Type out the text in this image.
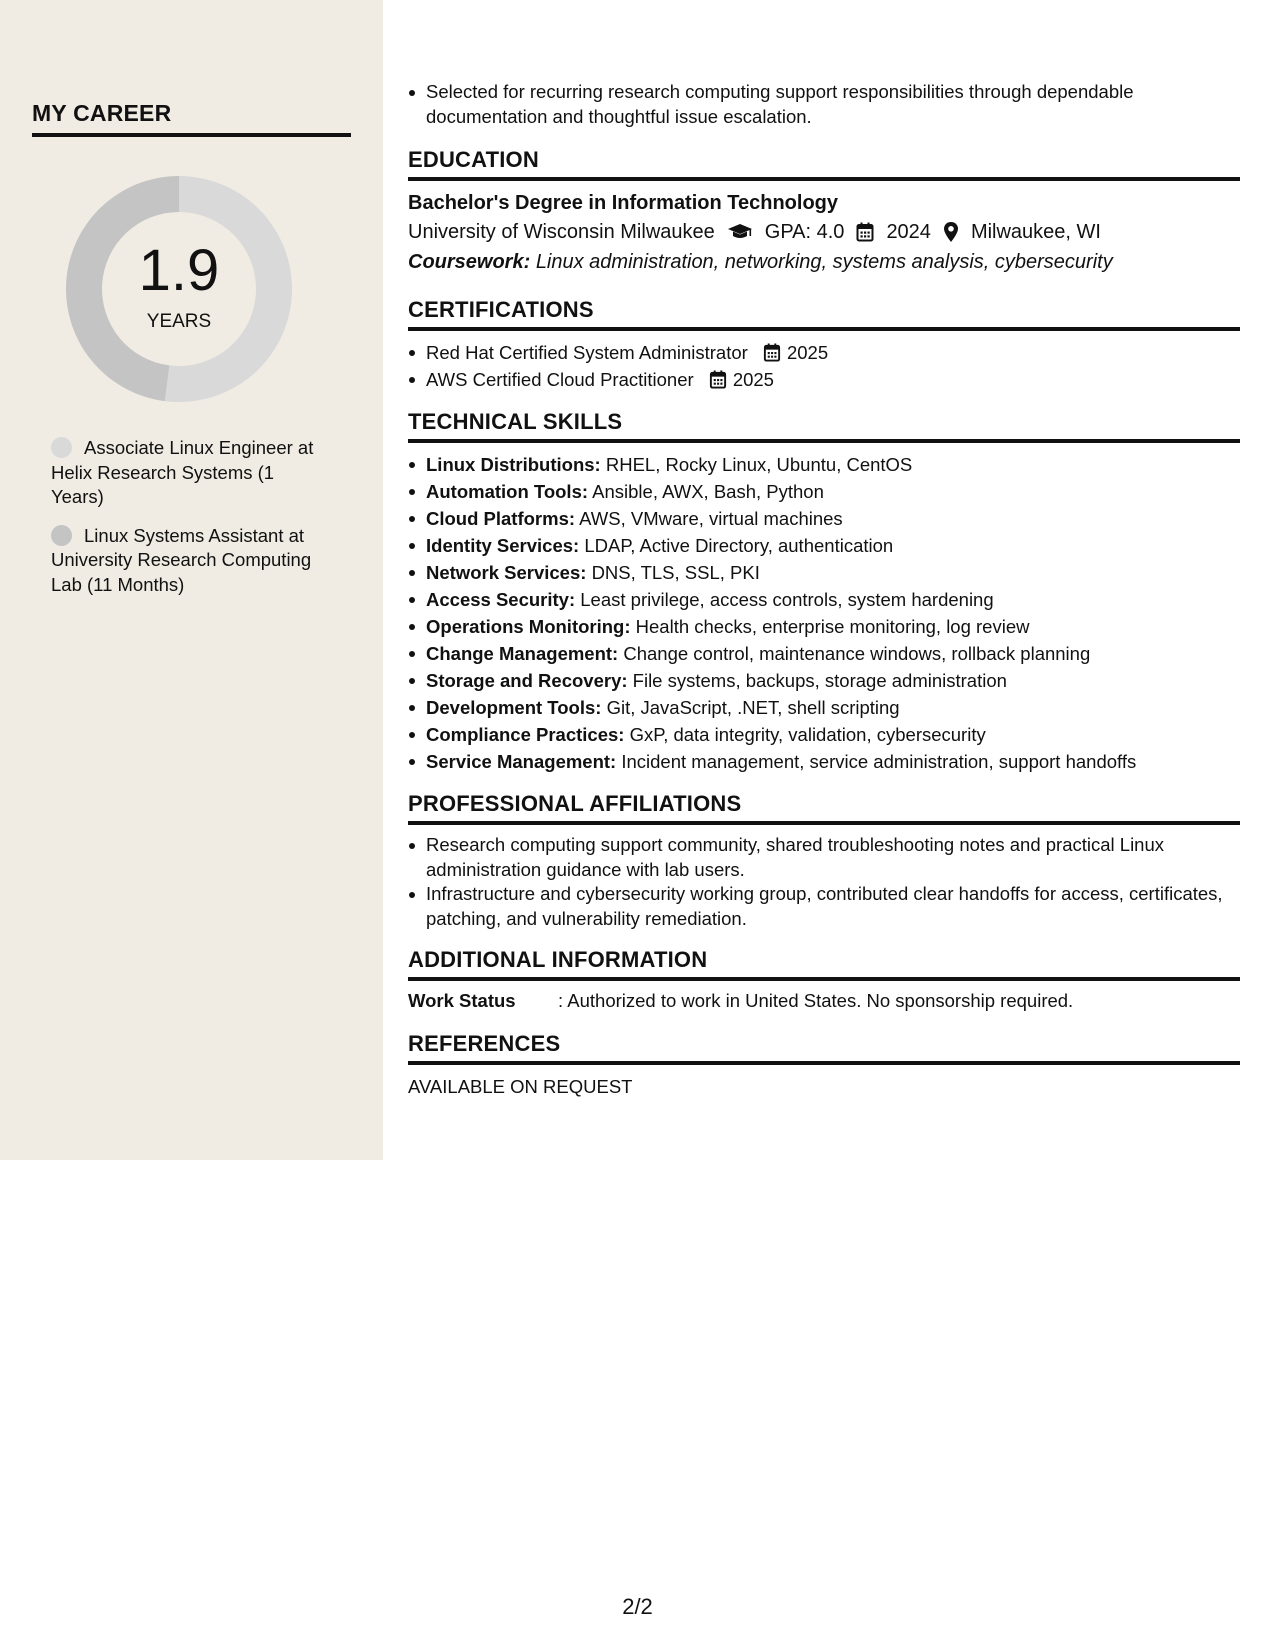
MY CAREER
1.9
YEARS
Associate Linux Engineer at Helix Research Systems (1 Years)
Linux Systems Assistant at University Research Computing Lab (11 Months)
Selected for recurring research computing support responsibilities through dependable documentation and thoughtful issue escalation.
EDUCATION
Bachelor's Degree in Information Technology
University of Wisconsin Milwaukee	GPA: 4.0 2024 Milwaukee, WI
Coursework: Linux administration, networking, systems analysis, cybersecurity
CERTIFICATIONS
Red Hat Certified System Administrator 2025
AWS Certified Cloud Practitioner 2025
TECHNICAL SKILLS
Linux Distributions: RHEL, Rocky Linux, Ubuntu, CentOS
Automation Tools: Ansible, AWX, Bash, Python
Cloud Platforms: AWS, VMware, virtual machines
Identity Services: LDAP, Active Directory, authentication
Network Services: DNS, TLS, SSL, PKI
Access Security: Least privilege, access controls, system hardening
Operations Monitoring: Health checks, enterprise monitoring, log review
Change Management: Change control, maintenance windows, rollback planning
Storage and Recovery: File systems, backups, storage administration
Development Tools: Git, JavaScript, .NET, shell scripting
Compliance Practices: GxP, data integrity, validation, cybersecurity
Service Management: Incident management, service administration, support handoffs
PROFESSIONAL AFFILIATIONS
Research computing support community, shared troubleshooting notes and practical Linux administration guidance with lab users.
Infrastructure and cybersecurity working group, contributed clear handoffs for access, certificates, patching, and vulnerability remediation.
ADDITIONAL INFORMATION
Work Status	: Authorized to work in United States. No sponsorship required.
REFERENCES
AVAILABLE ON REQUEST
2/2
